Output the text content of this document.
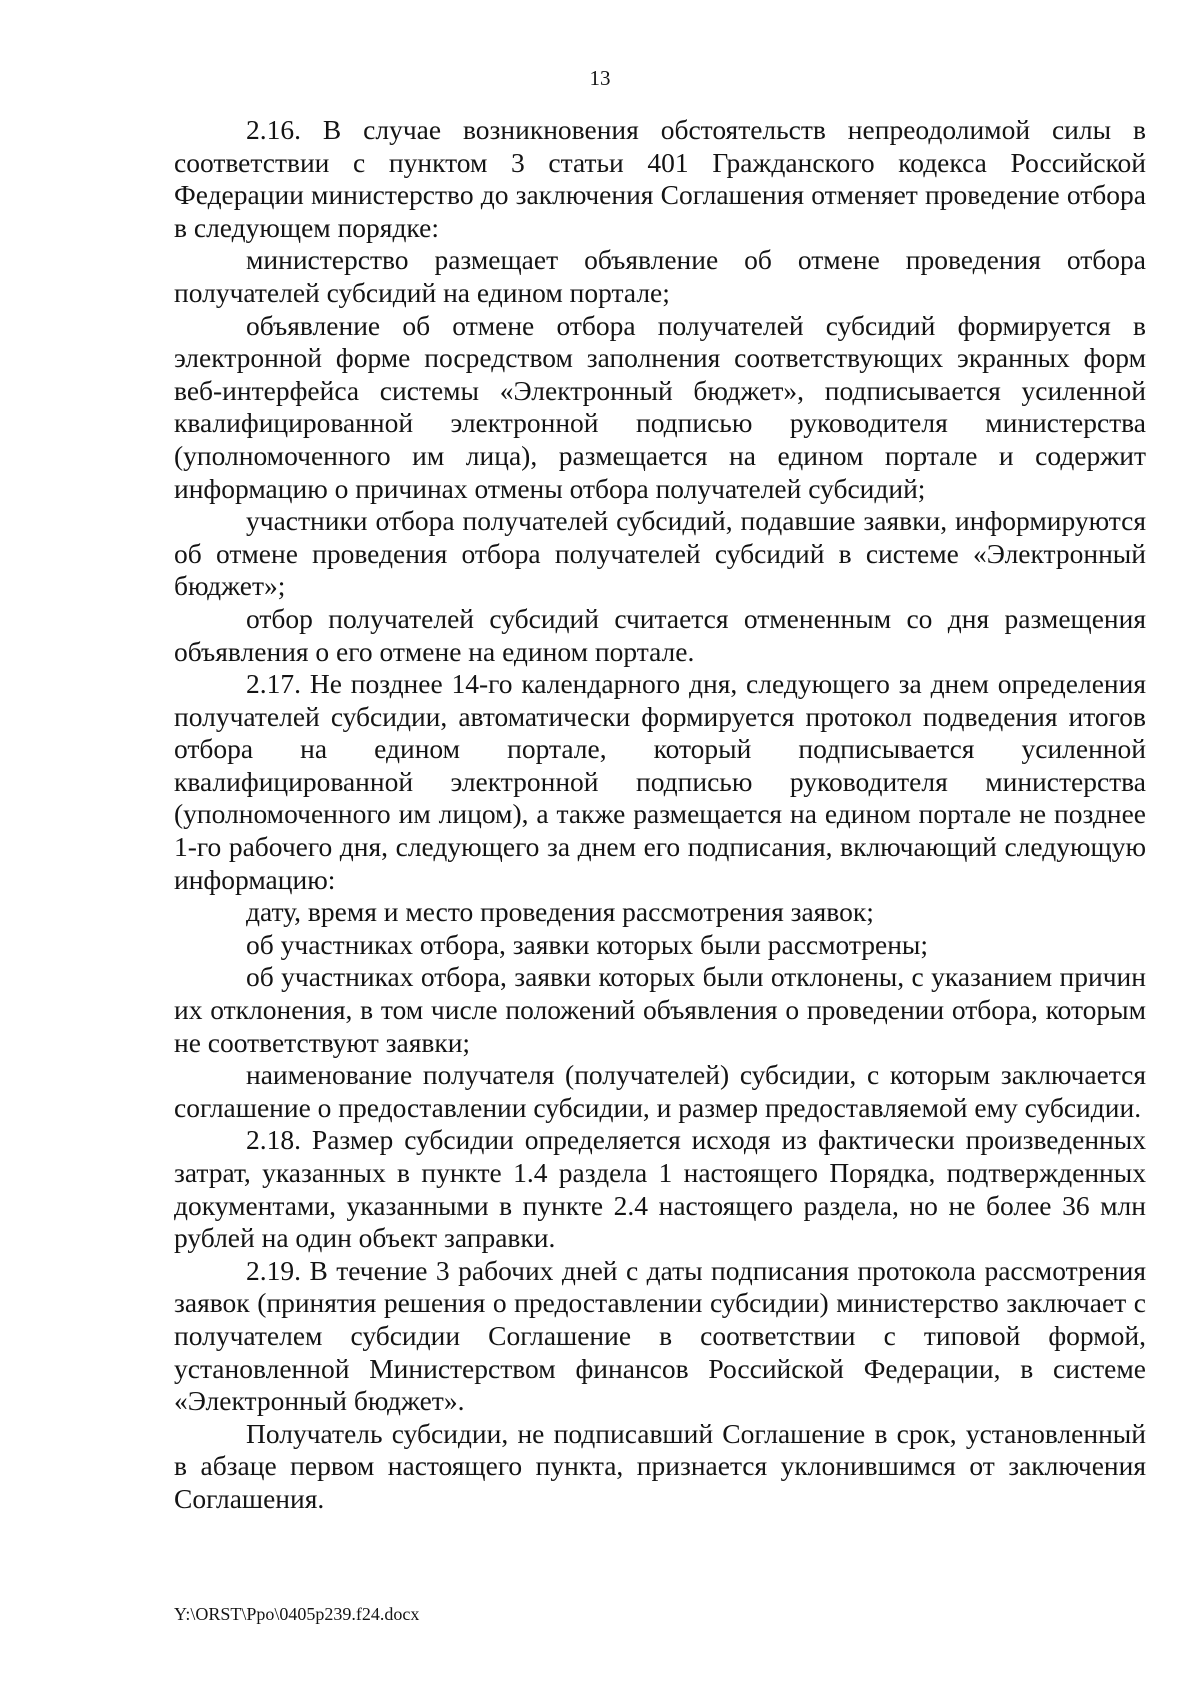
13

2.16. В случае возникновения обстоятельств непреодолимой силы в соответствии с пунктом 3 статьи 401 Гражданского кодекса Российской Федерации министерство до заключения Соглашения отменяет проведение отбора в следующем порядке:

министерство размещает объявление об отмене проведения отбора получателей субсидий на едином портале;

объявление об отмене отбора получателей субсидий формируется в электронной форме посредством заполнения соответствующих экранных форм веб-интерфейса системы «Электронный бюджет», подписывается усиленной квалифицированной электронной подписью руководителя министерства (уполномоченного им лица), размещается на едином портале и содержит информацию о причинах отмены отбора получателей субсидий;

участники отбора получателей субсидий, подавшие заявки, информируются об отмене проведения отбора получателей субсидий в системе «Электронный бюджет»;

отбор получателей субсидий считается отмененным со дня размещения объявления о его отмене на едином портале.

2.17. Не позднее 14-го календарного дня, следующего за днем определения получателей субсидии, автоматически формируется протокол подведения итогов отбора на едином портале, который подписывается усиленной квалифицированной электронной подписью руководителя министерства (уполномоченного им лицом), а также размещается на едином портале не позднее 1-го рабочего дня, следующего за днем его подписания, включающий следующую информацию:

дату, время и место проведения рассмотрения заявок;

об участниках отбора, заявки которых были рассмотрены;

об участниках отбора, заявки которых были отклонены, с указанием причин их отклонения, в том числе положений объявления о проведении отбора, которым не соответствуют заявки;

наименование получателя (получателей) субсидии, с которым заключается соглашение о предоставлении субсидии, и размер предоставляемой ему субсидии.

2.18. Размер субсидии определяется исходя из фактически произведенных затрат, указанных в пункте 1.4 раздела 1 настоящего Порядка, подтвержденных документами, указанными в пункте 2.4 настоящего раздела, но не более 36 млн рублей на один объект заправки.

2.19. В течение 3 рабочих дней с даты подписания протокола рассмотрения заявок (принятия решения о предоставлении субсидии) министерство заключает с получателем субсидии Соглашение в соответствии с типовой формой, установленной Министерством финансов Российской Федерации, в системе «Электронный бюджет».

Получатель субсидии, не подписавший Соглашение в срок, установленный в абзаце первом настоящего пункта, признается уклонившимся от заключения Соглашения.

Y:\ORST\Ppo\0405p239.f24.docx
